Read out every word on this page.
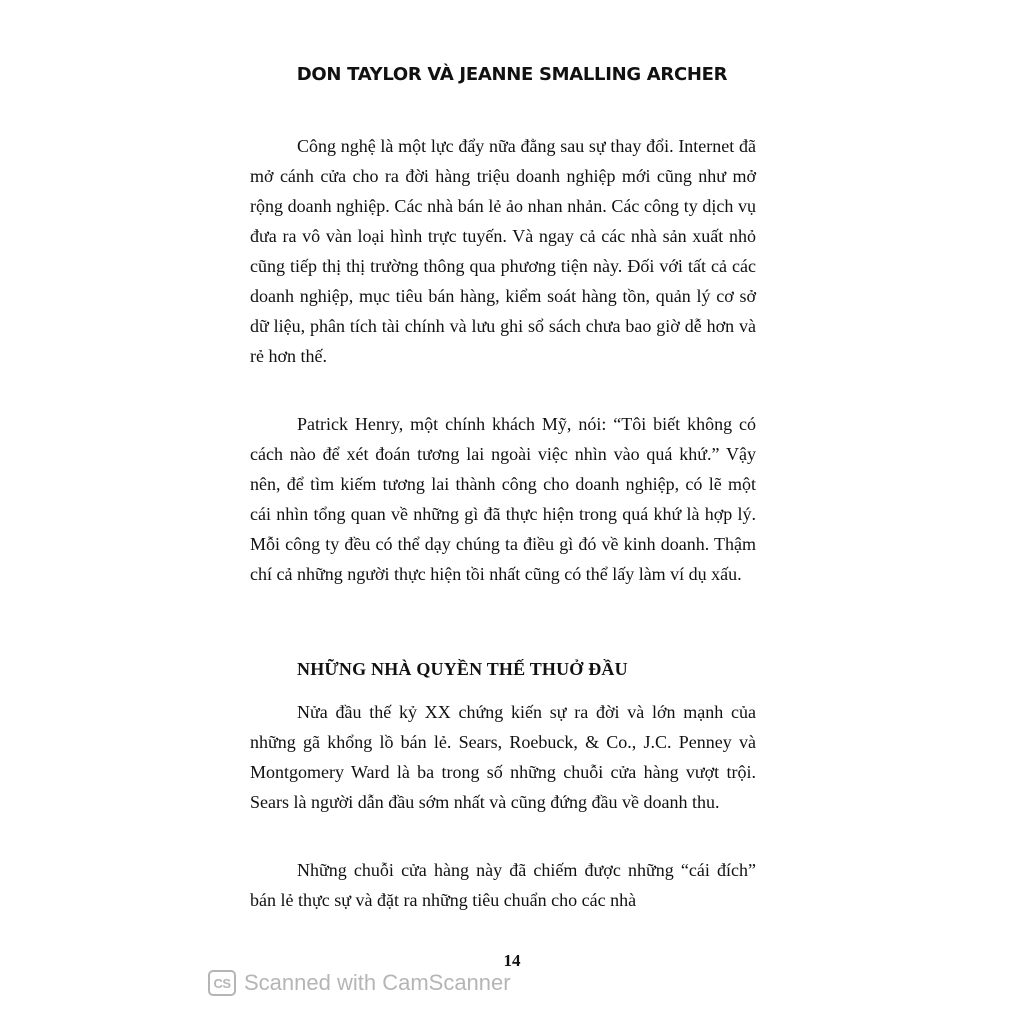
DON TAYLOR VÀ JEANNE SMALLING ARCHER

Công nghệ là một lực đẩy nữa đằng sau sự thay đổi. Internet đã mở cánh cửa cho ra đời hàng triệu doanh nghiệp mới cũng như mở rộng doanh nghiệp. Các nhà bán lẻ ảo nhan nhản. Các công ty dịch vụ đưa ra vô vàn loại hình trực tuyến. Và ngay cả các nhà sản xuất nhỏ cũng tiếp thị thị trường thông qua phương tiện này. Đối với tất cả các doanh nghiệp, mục tiêu bán hàng, kiểm soát hàng tồn, quản lý cơ sở dữ liệu, phân tích tài chính và lưu ghi sổ sách chưa bao giờ dễ hơn và rẻ hơn thế.

Patrick Henry, một chính khách Mỹ, nói: “Tôi biết không có cách nào để xét đoán tương lai ngoài việc nhìn vào quá khứ.” Vậy nên, để tìm kiếm tương lai thành công cho doanh nghiệp, có lẽ một cái nhìn tổng quan về những gì đã thực hiện trong quá khứ là hợp lý. Mỗi công ty đều có thể dạy chúng ta điều gì đó về kinh doanh. Thậm chí cả những người thực hiện tồi nhất cũng có thể lấy làm ví dụ xấu.

NHỮNG NHÀ QUYỀN THẾ THUỞ ĐẦU

Nửa đầu thế kỷ XX chứng kiến sự ra đời và lớn mạnh của những gã khổng lồ bán lẻ. Sears, Roebuck, & Co., J.C. Penney và Montgomery Ward là ba trong số những chuỗi cửa hàng vượt trội. Sears là người dẫn đầu sớm nhất và cũng đứng đầu về doanh thu.

Những chuỗi cửa hàng này đã chiếm được những “cái đích” bán lẻ thực sự và đặt ra những tiêu chuẩn cho các nhà

14
CS Scanned with CamScanner
